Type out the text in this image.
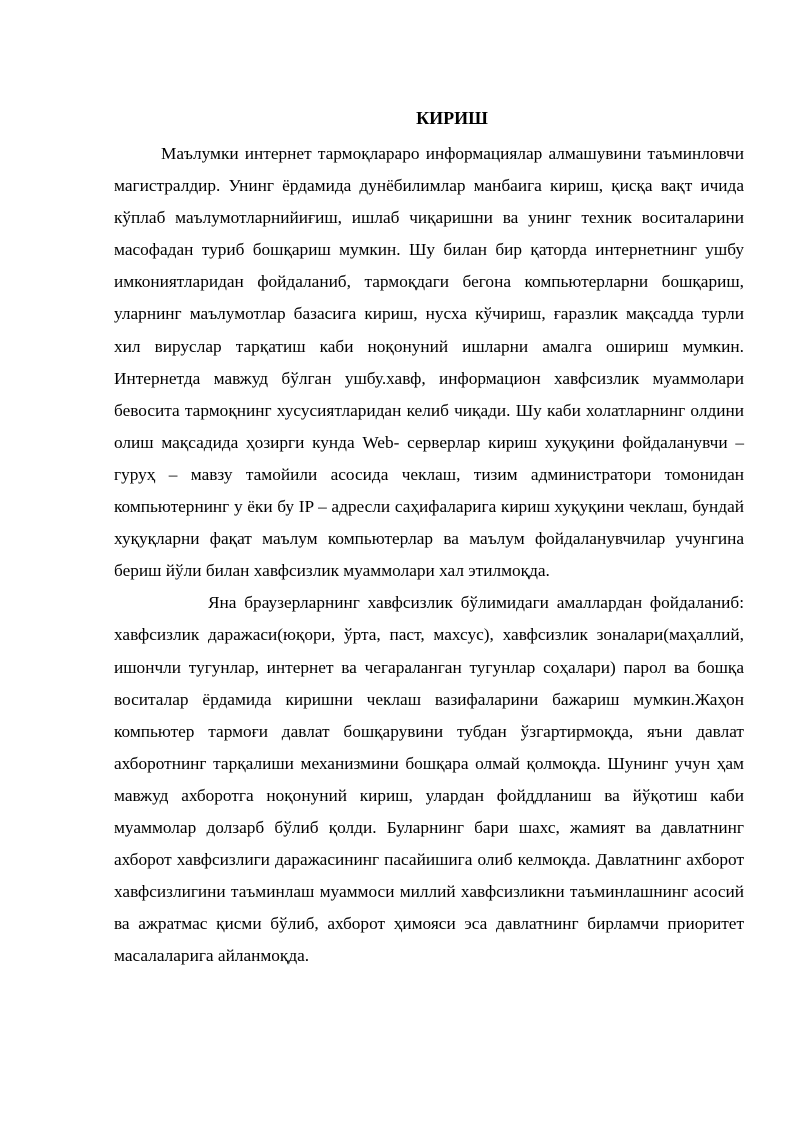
КИРИШ

Маълумки интернет тармоқлараро информациялар алмашувини таъминловчи магистралдир. Унинг ёрдамида дунёбилимлар манбаига кириш, қисқа вақт ичида кўплаб маълумотларнийиғиш, ишлаб чиқаришни ва унинг техник воситаларини масофадан туриб бошқариш мумкин. Шу билан бир қаторда интернетнинг ушбу имкониятларидан фойдаланиб, тармоқдаги бегона компьютерларни бошқариш, уларнинг маълумотлар базасига кириш, нусха кўчириш, ғаразлик мақсадда турли хил вируслар тарқатиш каби ноқонуний ишларни амалга ошириш мумкин. Интернетда мавжуд бўлган ушбу.хавф, информацион хавфсизлик муаммолари бевосита тармоқнинг хусусиятларидан келиб чиқади. Шу каби холатларнинг олдини олиш мақсадида ҳозирги кунда Web- серверлар кириш хуқуқини фойдаланувчи – гуруҳ – мавзу тамойили асосида чеклаш, тизим администратори томонидан компьютернинг у ёки бу IP – адресли саҳифаларига кириш хуқуқини чеклаш, бундай хуқуқларни фақат маълум компьютерлар ва маълум фойдаланувчилар учунгина бериш йўли билан хавфсизлик муаммолари хал этилмоқда.

Яна браузерларнинг хавфсизлик бўлимидаги амаллардан фойдаланиб: хавфсизлик даражаси(юқори, ўрта, паст, махсус), хавфсизлик зоналари(маҳаллий, ишончли тугунлар, интернет ва чегараланган тугунлар соҳалари) парол ва бошқа воситалар ёрдамида киришни чеклаш вазифаларини бажариш мумкин.Жаҳон компьютер тармоғи давлат бошқарувини тубдан ўзгартирмоқда, яъни давлат ахборотнинг тарқалиши механизмини бошқара олмай қолмоқда. Шунинг учун ҳам мавжуд ахборотга ноқонуний кириш, улардан фойддланиш ва йўқотиш каби муаммолар долзарб бўлиб қолди. Буларнинг бари шахс, жамият ва давлатнинг ахборот хавфсизлиги даражасининг пасайишига олиб келмоқда. Давлатнинг ахборот хавфсизлигини таъминлаш муаммоси миллий хавфсизликни таъминлашнинг асосий ва ажратмас қисми бўлиб, ахборот ҳимояси эса давлатнинг бирламчи приоритет масалаларига айланмоқда.
